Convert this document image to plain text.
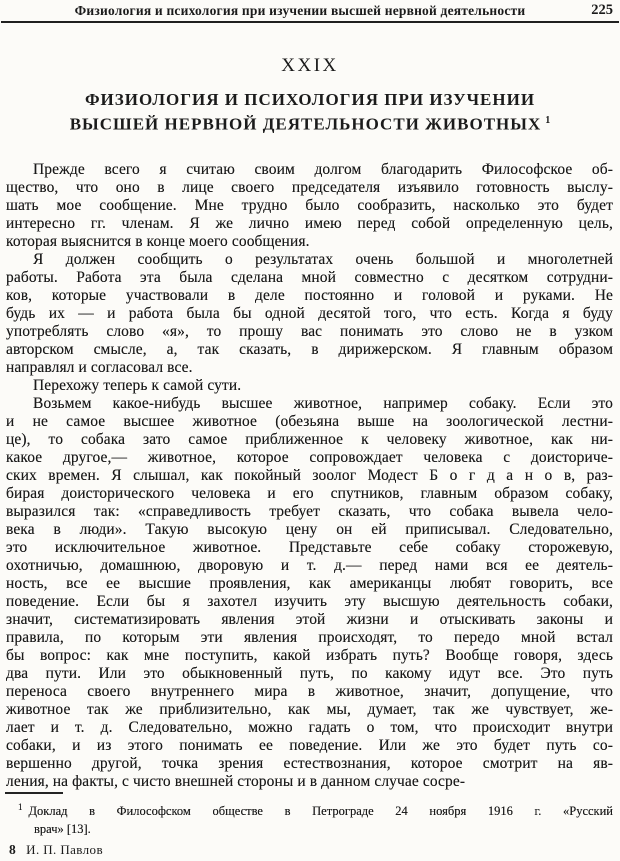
Физиология и психология при изучении высшей нервной деятельности	225
XXIX
ФИЗИОЛОГИЯ И ПСИХОЛОГИЯ ПРИ ИЗУЧЕНИИ
ВЫСШЕЙ НЕРВНОЙ ДЕЯТЕЛЬНОСТИ ЖИВОТНЫХ $^1$
Прежде всего я считаю своим долгом благодарить Философское об-
щество, что оно в лице своего председателя изъявило готовность выслу-
шать мое сообщение. Мне трудно было сообразить, насколько это будет
интересно гг. членам. Я же лично имею перед собой определенную цель,
которая выяснится в конце моего сообщения.
Я должен сообщить о результатах очень большой и многолетней
работы. Работа эта была сделана мной совместно с десятком сотрудни-
ков, которые участвовали в деле постоянно и головой и руками. Не
будь их — и работа была бы одной десятой того, что есть. Когда я буду
употреблять слово «я», то прошу вас понимать это слово не в узком
авторском смысле, а, так сказать, в дирижерском. Я главным образом
направлял и согласовал все.
Перехожу теперь к самой сути.
Возьмем какое-нибудь высшее животное, например собаку. Если это
и не самое высшее животное (обезьяна выше на зоологической лестни-
це), то собака зато самое приближенное к человеку животное, как ни-
какое другое,— животное, которое сопровождает человека с доисториче-
ских времен. Я слышал, как покойный зоолог Модест Б о г д а н о в, раз-
бирая доисторического человека и его спутников, главным образом собаку,
выразился так: «справедливость требует сказать, что собака вывела чело-
века в люди». Такую высокую цену он ей приписывал. Следовательно,
это исключительное животное. Представьте себе собаку сторожевую,
охотничью, домашнюю, дворовую и т. д.— перед нами вся ее деятель-
ность, все ее высшие проявления, как американцы любят говорить, все
поведение. Если бы я захотел изучить эту высшую деятельность собаки,
значит, систематизировать явления этой жизни и отыскивать законы и
правила, по которым эти явления происходят, то передо мной встал
бы вопрос: как мне поступить, какой избрать путь? Вообще говоря, здесь
два пути. Или это обыкновенный путь, по какому идут все. Это путь
переноса своего внутреннего мира в животное, значит, допущение, что
животное так же приблизительно, как мы, думает, так же чувствует, же-
лает и т. д. Следовательно, можно гадать о том, что происходит внутри
собаки, и из этого понимать ее поведение. Или же это будет путь со-
вершенно другой, точка зрения естествознания, которое смотрит на яв-
ления, на факты, с чисто внешней стороны и в данном случае сосре-
$^1$ Доклад в Философском обществе в Петрограде 24 ноября 1916 г. «Русский
врач» [13].
8 И. П. Павлов
